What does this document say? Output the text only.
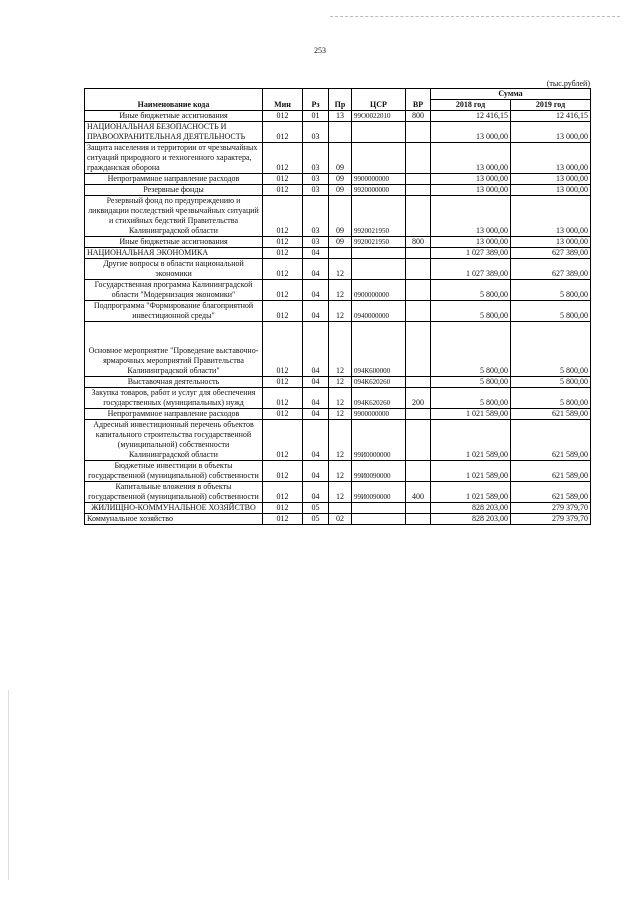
253
(тыс.рублей)
Наименование кода	Мин	Рз	Пр	ЦСР	ВР	Сумма	
						2018 год	2019 год
Иные бюджетные ассигнования	012	01	13	99О0022010	800	12 416,15	12 416,15
НАЦИОНАЛЬНАЯ БЕЗОПАСНОСТЬ И ПРАВООХРАНИТЕЛЬНАЯ ДЕЯТЕЛЬНОСТЬ	012	03				13 000,00	13 000,00
Защита населения и территории от чрезвычайных ситуаций природного и техногенного характера, гражданская оборона	012	03	09			13 000,00	13 000,00
Непрограммное направление расходов	012	03	09	9900000000		13 000,00	13 000,00
Резервные фонды	012	03	09	9920000000		13 000,00	13 000,00
Резервный фонд по предупреждению и ликвидации последствий чрезвычайных ситуаций и стихийных бедствий Правительства Калининградской области	012	03	09	9920021950		13 000,00	13 000,00
Иные бюджетные ассигнования	012	03	09	9920021950	800	13 000,00	13 000,00
НАЦИОНАЛЬНАЯ ЭКОНОМИКА	012	04				1 027 389,00	627 389,00
Другие вопросы в области национальной экономики	012	04	12			1 027 389,00	627 389,00
Государственная программа Калининградской области "Модернизация экономики"	012	04	12	0900000000		5 800,00	5 800,00
Подпрограмма "Формирование благоприятной инвестиционной среды"	012	04	12	0940000000		5 800,00	5 800,00
Основное мероприятие "Проведение выставочно-ярмарочных мероприятий Правительства Калининградской области"	012	04	12	094К600000		5 800,00	5 800,00
Выставочная деятельность	012	04	12	094К620260		5 800,00	5 800,00
Закупка товаров, работ и услуг для обеспечения государственных (муниципальных) нужд	012	04	12	094К620260	200	5 800,00	5 800,00
Непрограммное направление расходов	012	04	12	9900000000		1 021 589,00	621 589,00
Адресный инвестиционный перечень объектов капитального строительства государственной (муниципальной) собственности Калининградской области	012	04	12	99И0000000		1 021 589,00	621 589,00
Бюджетные инвестиции в объекты государственной (муниципальной) собственности	012	04	12	99И0090000		1 021 589,00	621 589,00
Капитальные вложения в объекты государственной (муниципальной) собственности	012	04	12	99И0090000	400	1 021 589,00	621 589,00
ЖИЛИЩНО-КОММУНАЛЬНОЕ ХОЗЯЙСТВО	012	05				828 203,00	279 379,70
Коммунальное хозяйство	012	05	02			828 203,00	279 379,70
